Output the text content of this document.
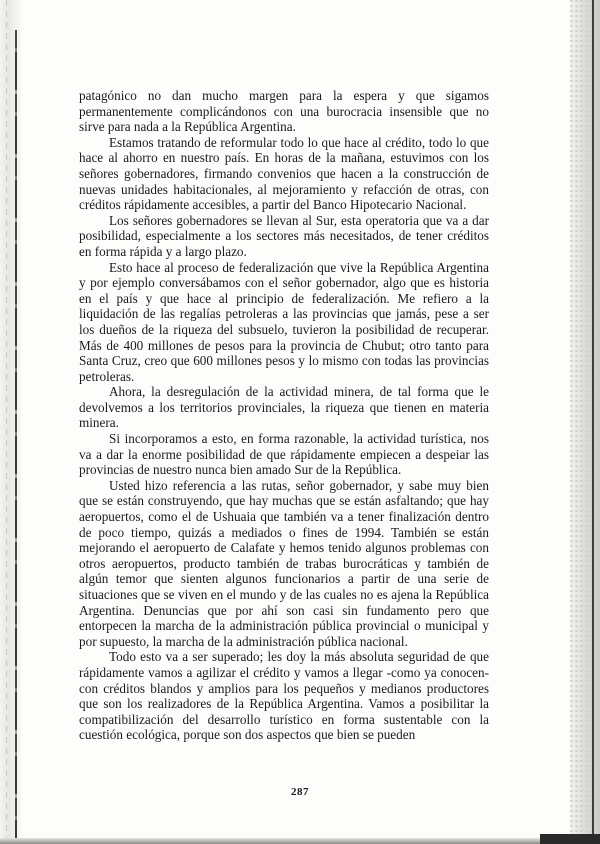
patagónico no dan mucho margen para la espera y que sigamos permanentemente complicándonos con una burocracia insensible que no sirve para nada a la República Argentina.

Estamos tratando de reformular todo lo que hace al crédito, todo lo que hace al ahorro en nuestro país. En horas de la mañana, estuvimos con los señores gobernadores, firmando convenios que hacen a la construcción de nuevas unidades habitacionales, al mejoramiento y refacción de otras, con créditos rápidamente accesibles, a partir del Banco Hipotecario Nacional.

Los señores gobernadores se llevan al Sur, esta operatoria que va a dar posibilidad, especialmente a los sectores más necesitados, de tener créditos en forma rápida y a largo plazo.

Esto hace al proceso de federalización que vive la República Argentina y por ejemplo conversábamos con el señor gobernador, algo que es historia en el país y que hace al principio de federalización. Me refiero a la liquidación de las regalías petroleras a las provincias que jamás, pese a ser los dueños de la riqueza del subsuelo, tuvieron la posibilidad de recuperar. Más de 400 millones de pesos para la provincia de Chubut; otro tanto para Santa Cruz, creo que 600 millones pesos y lo mismo con todas las provincias petroleras.

Ahora, la desregulación de la actividad minera, de tal forma que le devolvemos a los territorios provinciales, la riqueza que tienen en materia minera.

Si incorporamos a esto, en forma razonable, la actividad turística, nos va a dar la enorme posibilidad de que rápidamente empiecen a despeiar las provincias de nuestro nunca bien amado Sur de la República.

Usted hizo referencia a las rutas, señor gobernador, y sabe muy bien que se están construyendo, que hay muchas que se están asfaltando; que hay aeropuertos, como el de Ushuaia que también va a tener finalización dentro de poco tiempo, quizás a mediados o fines de 1994. También se están mejorando el aeropuerto de Calafate y hemos tenido algunos problemas con otros aeropuertos, producto también de trabas burocráticas y también de algún temor que sienten algunos funcionarios a partir de una serie de situaciones que se viven en el mundo y de las cuales no es ajena la República Argentina. Denuncias que por ahí son casi sin fundamento pero que entorpecen la marcha de la administración pública provincial o municipal y por supuesto, la marcha de la administración pública nacional.

Todo esto va a ser superado; les doy la más absoluta seguridad de que rápidamente vamos a agilizar el crédito y vamos a llegar -como ya conocen- con créditos blandos y amplios para los pequeños y medianos productores que son los realizadores de la República Argentina. Vamos a posibilitar la compatibilización del desarrollo turístico en forma sustentable con la cuestión ecológica, porque son dos aspectos que bien se pueden

287
